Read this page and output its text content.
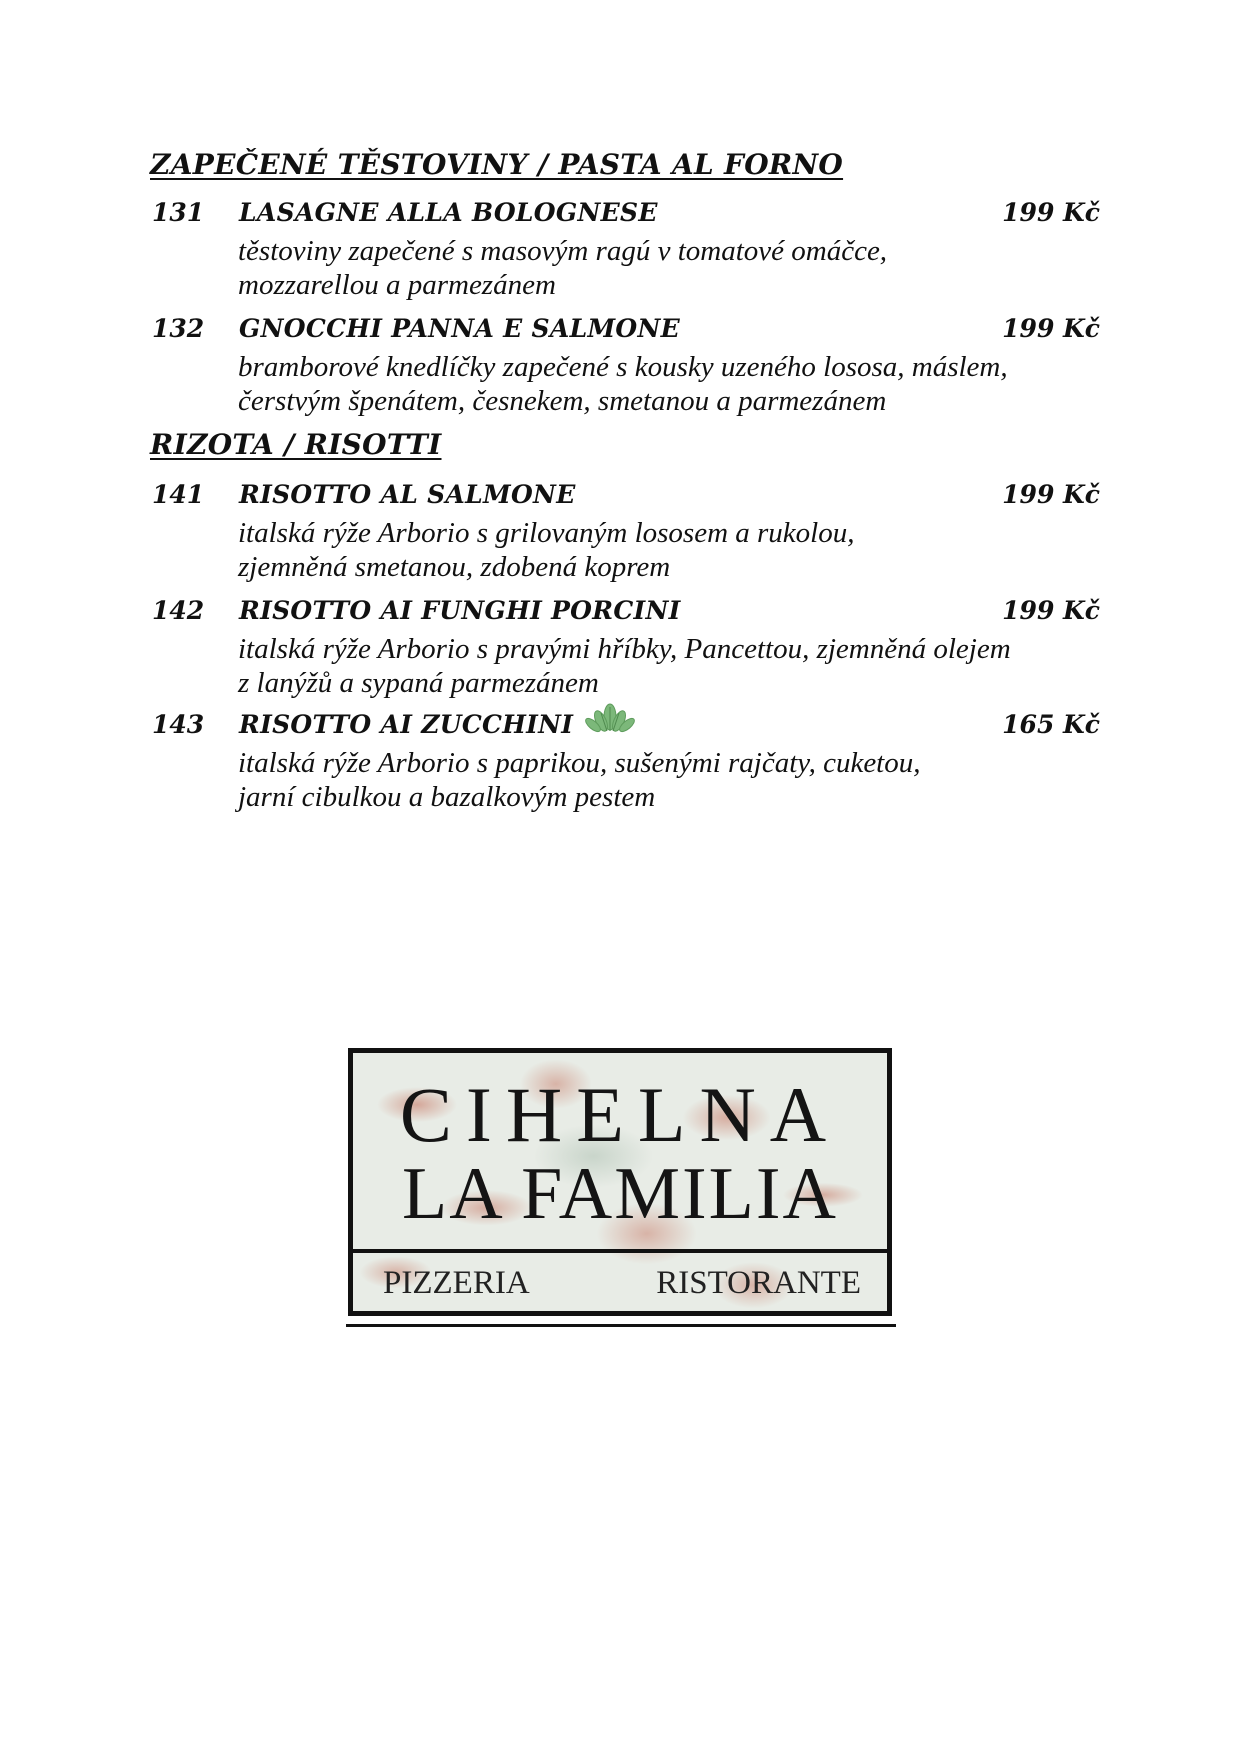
ZAPEČENÉ TĚSTOVINY / PASTA AL FORNO
131 LASAGNE ALLA BOLOGNESE	199 Kč
těstoviny zapečené s masovým ragú v tomatové omáčce,
mozzarellou a parmezánem
132 GNOCCHI PANNA E SALMONE	199 Kč
bramborové knedlíčky zapečené s kousky uzeného lososa, máslem,
čerstvým špenátem, česnekem, smetanou a parmezánem
RIZOTA / RISOTTI
141 RISOTTO AL SALMONE	199 Kč
italská rýže Arborio s grilovaným lososem a rukolou,
zjemněná smetanou, zdobená koprem
142 RISOTTO AI FUNGHI PORCINI	199 Kč
italská rýže Arborio s pravými hříbky, Pancettou, zjemněná olejem
z lanýžů a sypaná parmezánem
143 RISOTTO AI ZUCCHINI	165 Kč
italská rýže Arborio s paprikou, sušenými rajčaty, cuketou,
jarní cibulkou a bazalkovým pestem
CIHELNA
LA FAMILIA
PIZZERIA	RISTORANTE
